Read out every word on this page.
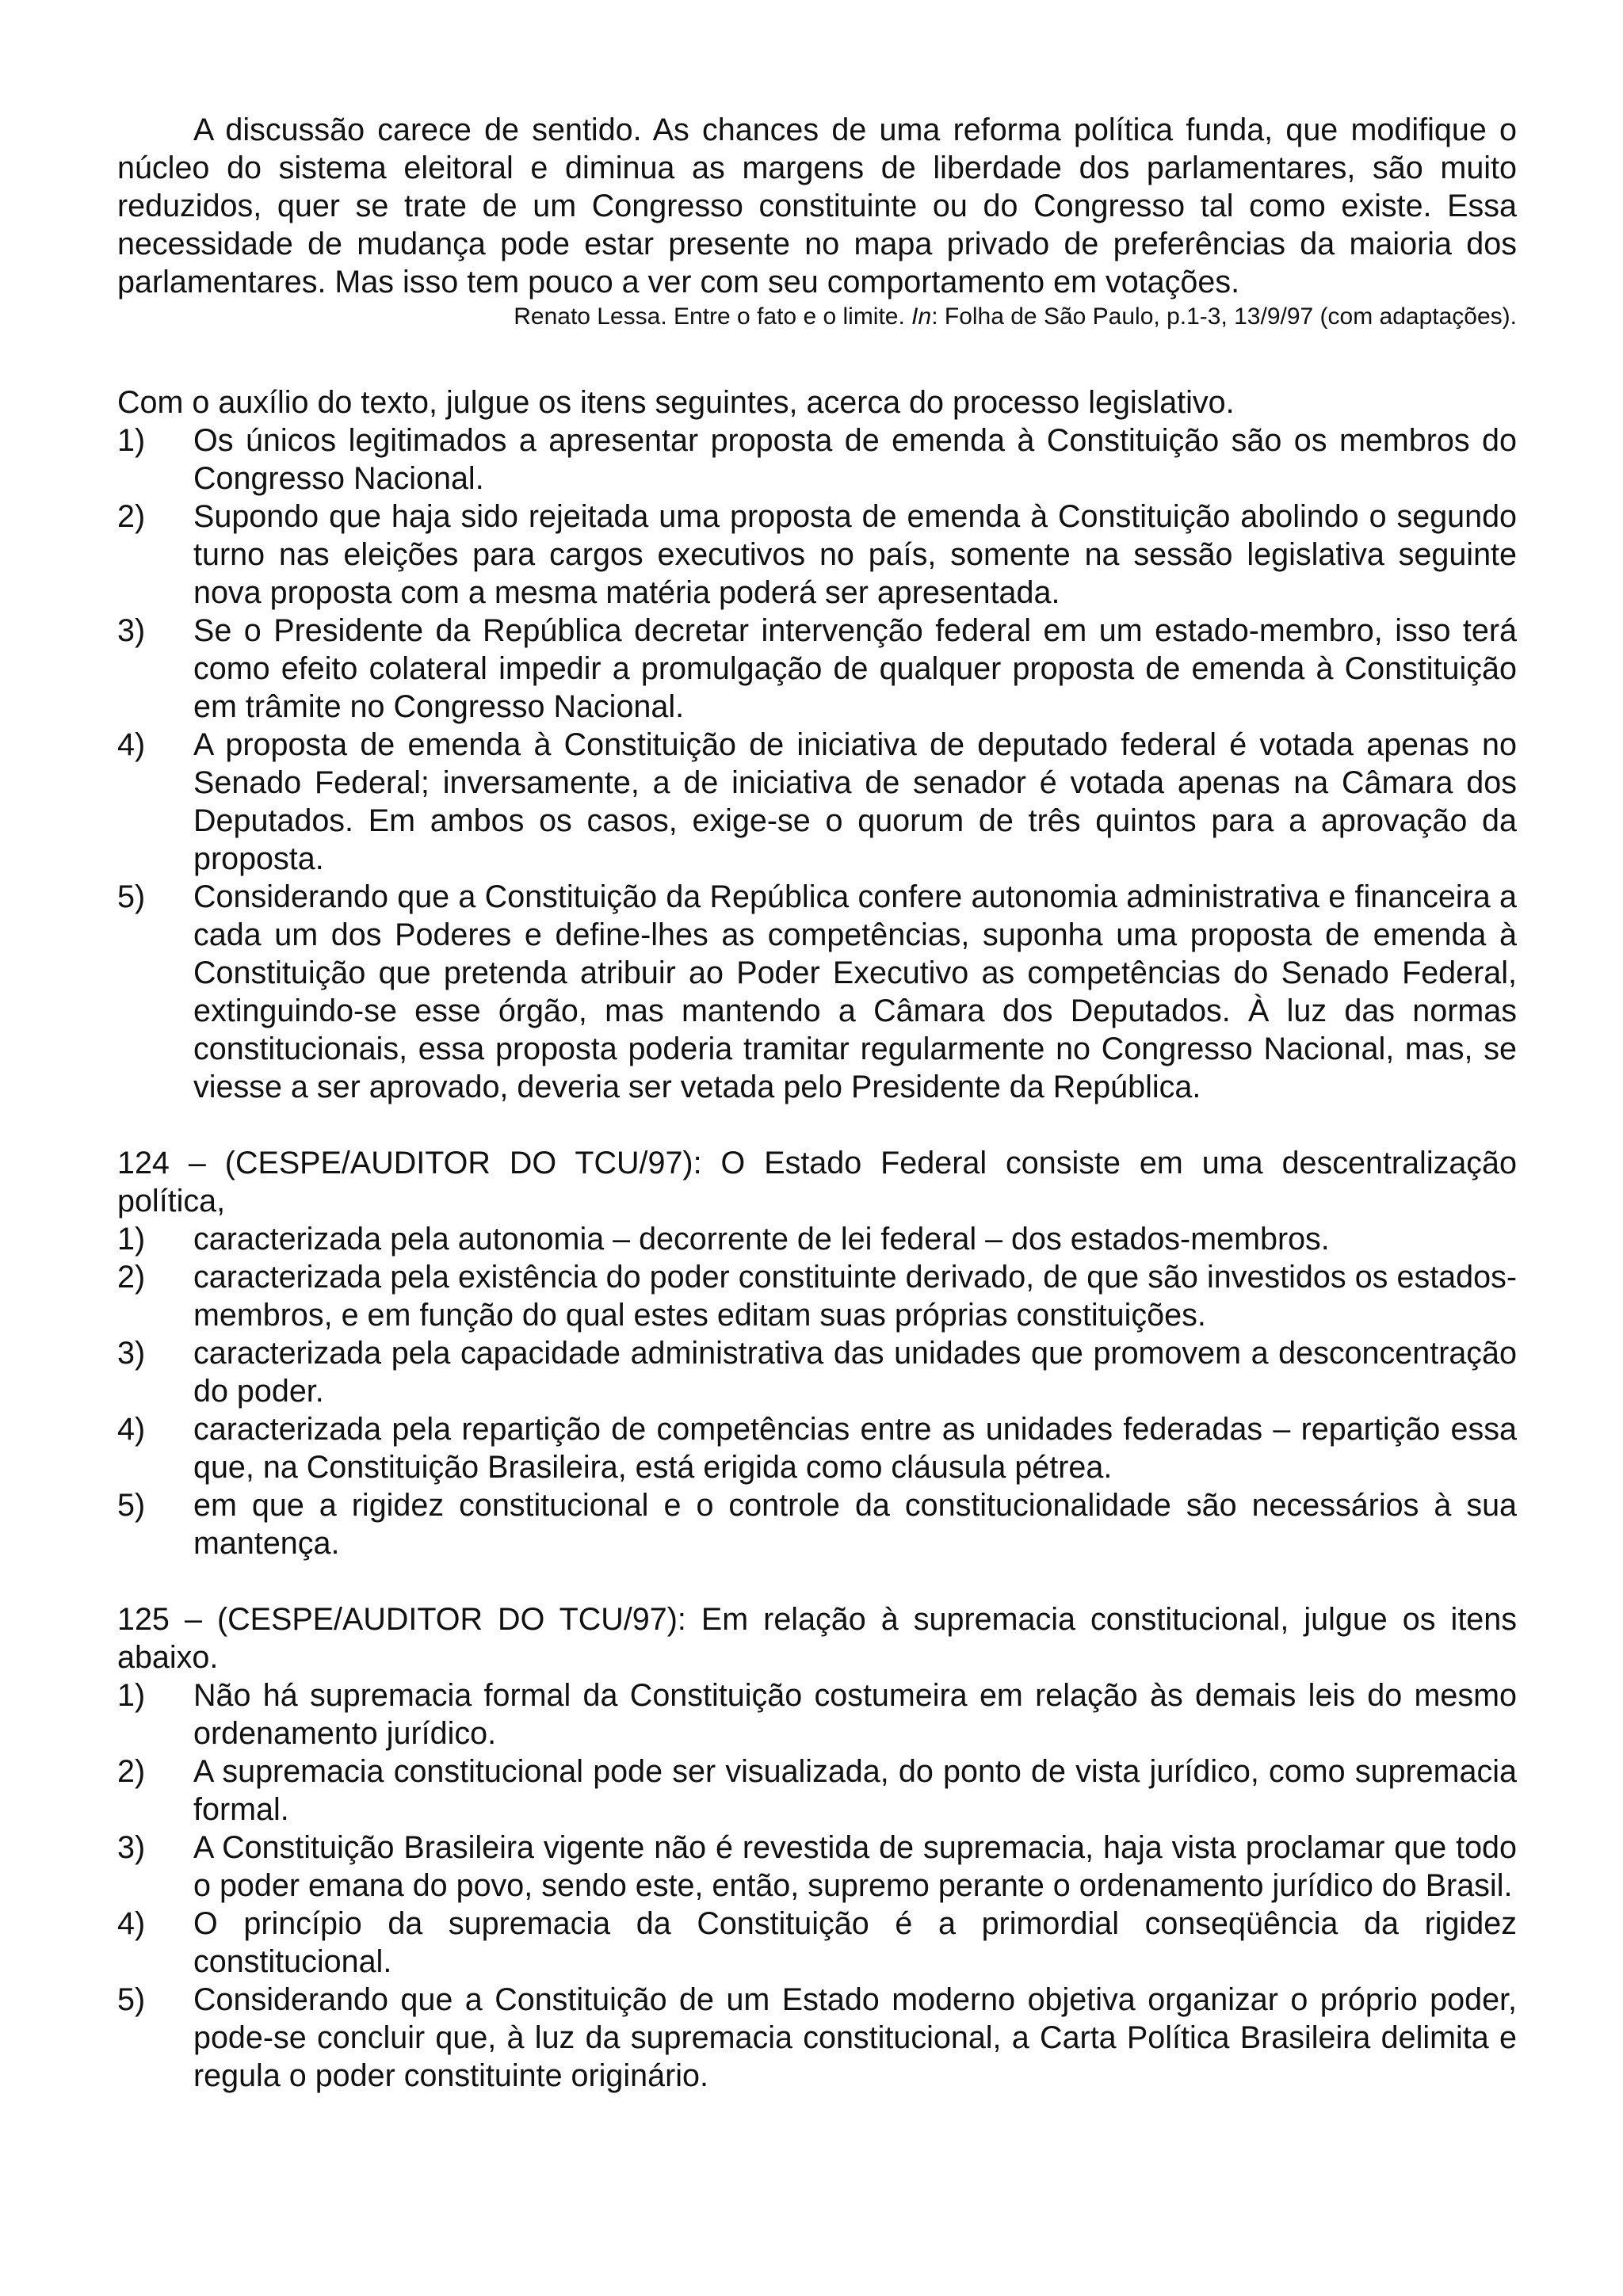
A discussão carece de sentido. As chances de uma reforma política funda, que modifique o núcleo do sistema eleitoral e diminua as margens de liberdade dos parlamentares, são muito reduzidos, quer se trate de um Congresso constituinte ou do Congresso tal como existe. Essa necessidade de mudança pode estar presente no mapa privado de preferências da maioria dos parlamentares. Mas isso tem pouco a ver com seu comportamento em votações.

Renato Lessa. Entre o fato e o limite. In: Folha de São Paulo, p.1-3, 13/9/97 (com adaptações).

Com o auxílio do texto, julgue os itens seguintes, acerca do processo legislativo.

1) Os únicos legitimados a apresentar proposta de emenda à Constituição são os membros do Congresso Nacional.
2) Supondo que haja sido rejeitada uma proposta de emenda à Constituição abolindo o segundo turno nas eleições para cargos executivos no país, somente na sessão legislativa seguinte nova proposta com a mesma matéria poderá ser apresentada.
3) Se o Presidente da República decretar intervenção federal em um estado-membro, isso terá como efeito colateral impedir a promulgação de qualquer proposta de emenda à Constituição em trâmite no Congresso Nacional.
4) A proposta de emenda à Constituição de iniciativa de deputado federal é votada apenas no Senado Federal; inversamente, a de iniciativa de senador é votada apenas na Câmara dos Deputados. Em ambos os casos, exige-se o quorum de três quintos para a aprovação da proposta.
5) Considerando que a Constituição da República confere autonomia administrativa e financeira a cada um dos Poderes e define-lhes as competências, suponha uma proposta de emenda à Constituição que pretenda atribuir ao Poder Executivo as competências do Senado Federal, extinguindo-se esse órgão, mas mantendo a Câmara dos Deputados. À luz das normas constitucionais, essa proposta poderia tramitar regularmente no Congresso Nacional, mas, se viesse a ser aprovado, deveria ser vetada pelo Presidente da República.

124 – (CESPE/AUDITOR DO TCU/97): O Estado Federal consiste em uma descentralização política,

1) caracterizada pela autonomia – decorrente de lei federal – dos estados-membros.
2) caracterizada pela existência do poder constituinte derivado, de que são investidos os estados-membros, e em função do qual estes editam suas próprias constituições.
3) caracterizada pela capacidade administrativa das unidades que promovem a desconcentração do poder.
4) caracterizada pela repartição de competências entre as unidades federadas – repartição essa que, na Constituição Brasileira, está erigida como cláusula pétrea.
5) em que a rigidez constitucional e o controle da constitucionalidade são necessários à sua mantença.

125 – (CESPE/AUDITOR DO TCU/97): Em relação à supremacia constitucional, julgue os itens abaixo.

1) Não há supremacia formal da Constituição costumeira em relação às demais leis do mesmo ordenamento jurídico.
2) A supremacia constitucional pode ser visualizada, do ponto de vista jurídico, como supremacia formal.
3) A Constituição Brasileira vigente não é revestida de supremacia, haja vista proclamar que todo o poder emana do povo, sendo este, então, supremo perante o ordenamento jurídico do Brasil.
4) O princípio da supremacia da Constituição é a primordial conseqüência da rigidez constitucional.
5) Considerando que a Constituição de um Estado moderno objetiva organizar o próprio poder, pode-se concluir que, à luz da supremacia constitucional, a Carta Política Brasileira delimita e regula o poder constituinte originário.
